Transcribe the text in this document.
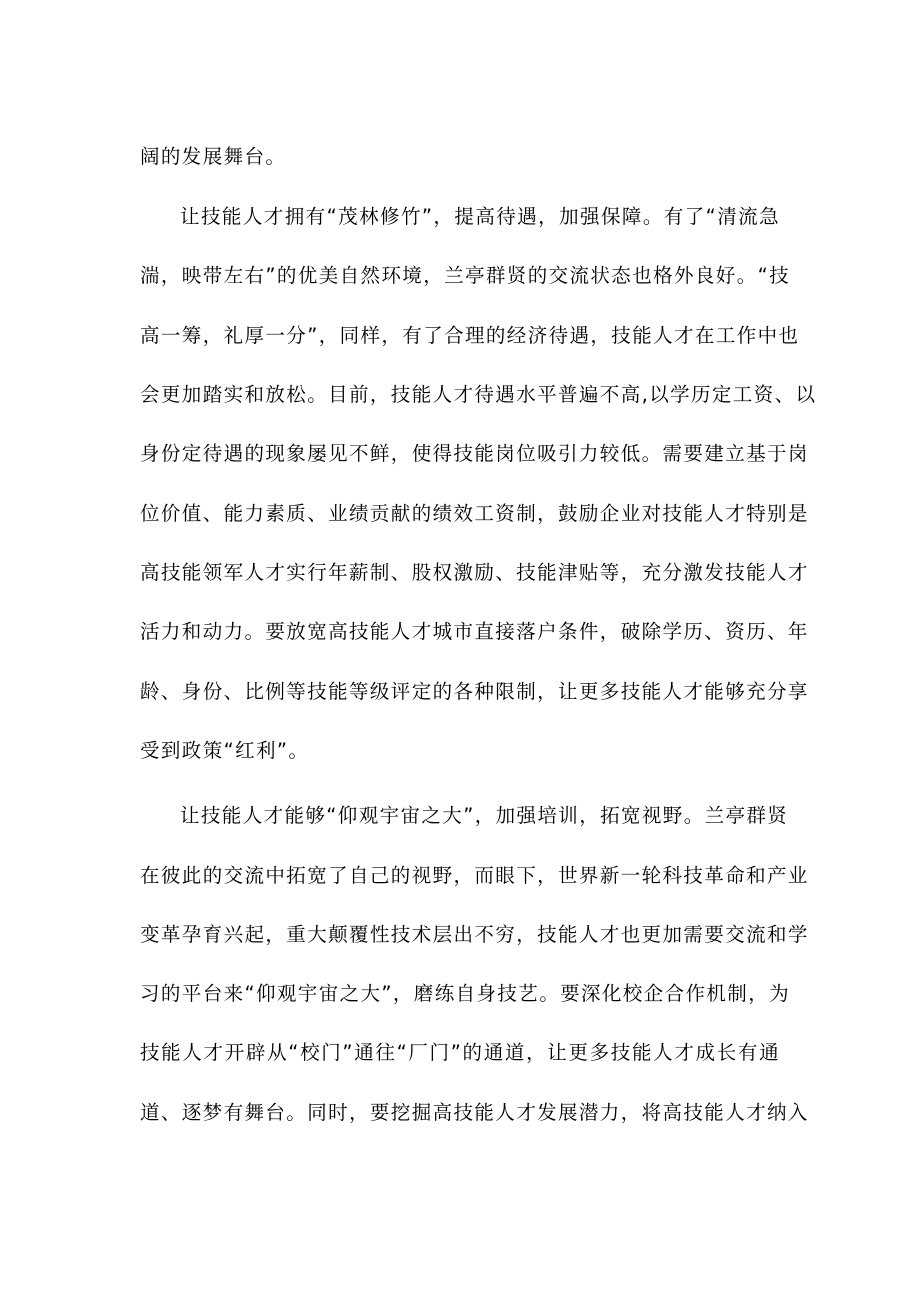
阔的发展舞台。
让技能人才拥有“茂林修竹”，提高待遇，加强保障。有了“清流急
湍，映带左右”的优美自然环境，兰亭群贤的交流状态也格外良好。“技
高一筹，礼厚一分”，同样，有了合理的经济待遇，技能人才在工作中也
会更加踏实和放松。目前，技能人才待遇水平普遍不高,以学历定工资、以
身份定待遇的现象屡见不鲜，使得技能岗位吸引力较低。需要建立基于岗
位价值、能力素质、业绩贡献的绩效工资制，鼓励企业对技能人才特别是
高技能领军人才实行年薪制、股权激励、技能津贴等，充分激发技能人才
活力和动力。要放宽高技能人才城市直接落户条件，破除学历、资历、年
龄、身份、比例等技能等级评定的各种限制，让更多技能人才能够充分享
受到政策“红利”。
让技能人才能够“仰观宇宙之大”，加强培训，拓宽视野。兰亭群贤
在彼此的交流中拓宽了自己的视野，而眼下，世界新一轮科技革命和产业
变革孕育兴起，重大颠覆性技术层出不穷，技能人才也更加需要交流和学
习的平台来“仰观宇宙之大”，磨练自身技艺。要深化校企合作机制，为
技能人才开辟从“校门”通往“厂门”的通道，让更多技能人才成长有通
道、逐梦有舞台。同时，要挖掘高技能人才发展潜力，将高技能人才纳入
